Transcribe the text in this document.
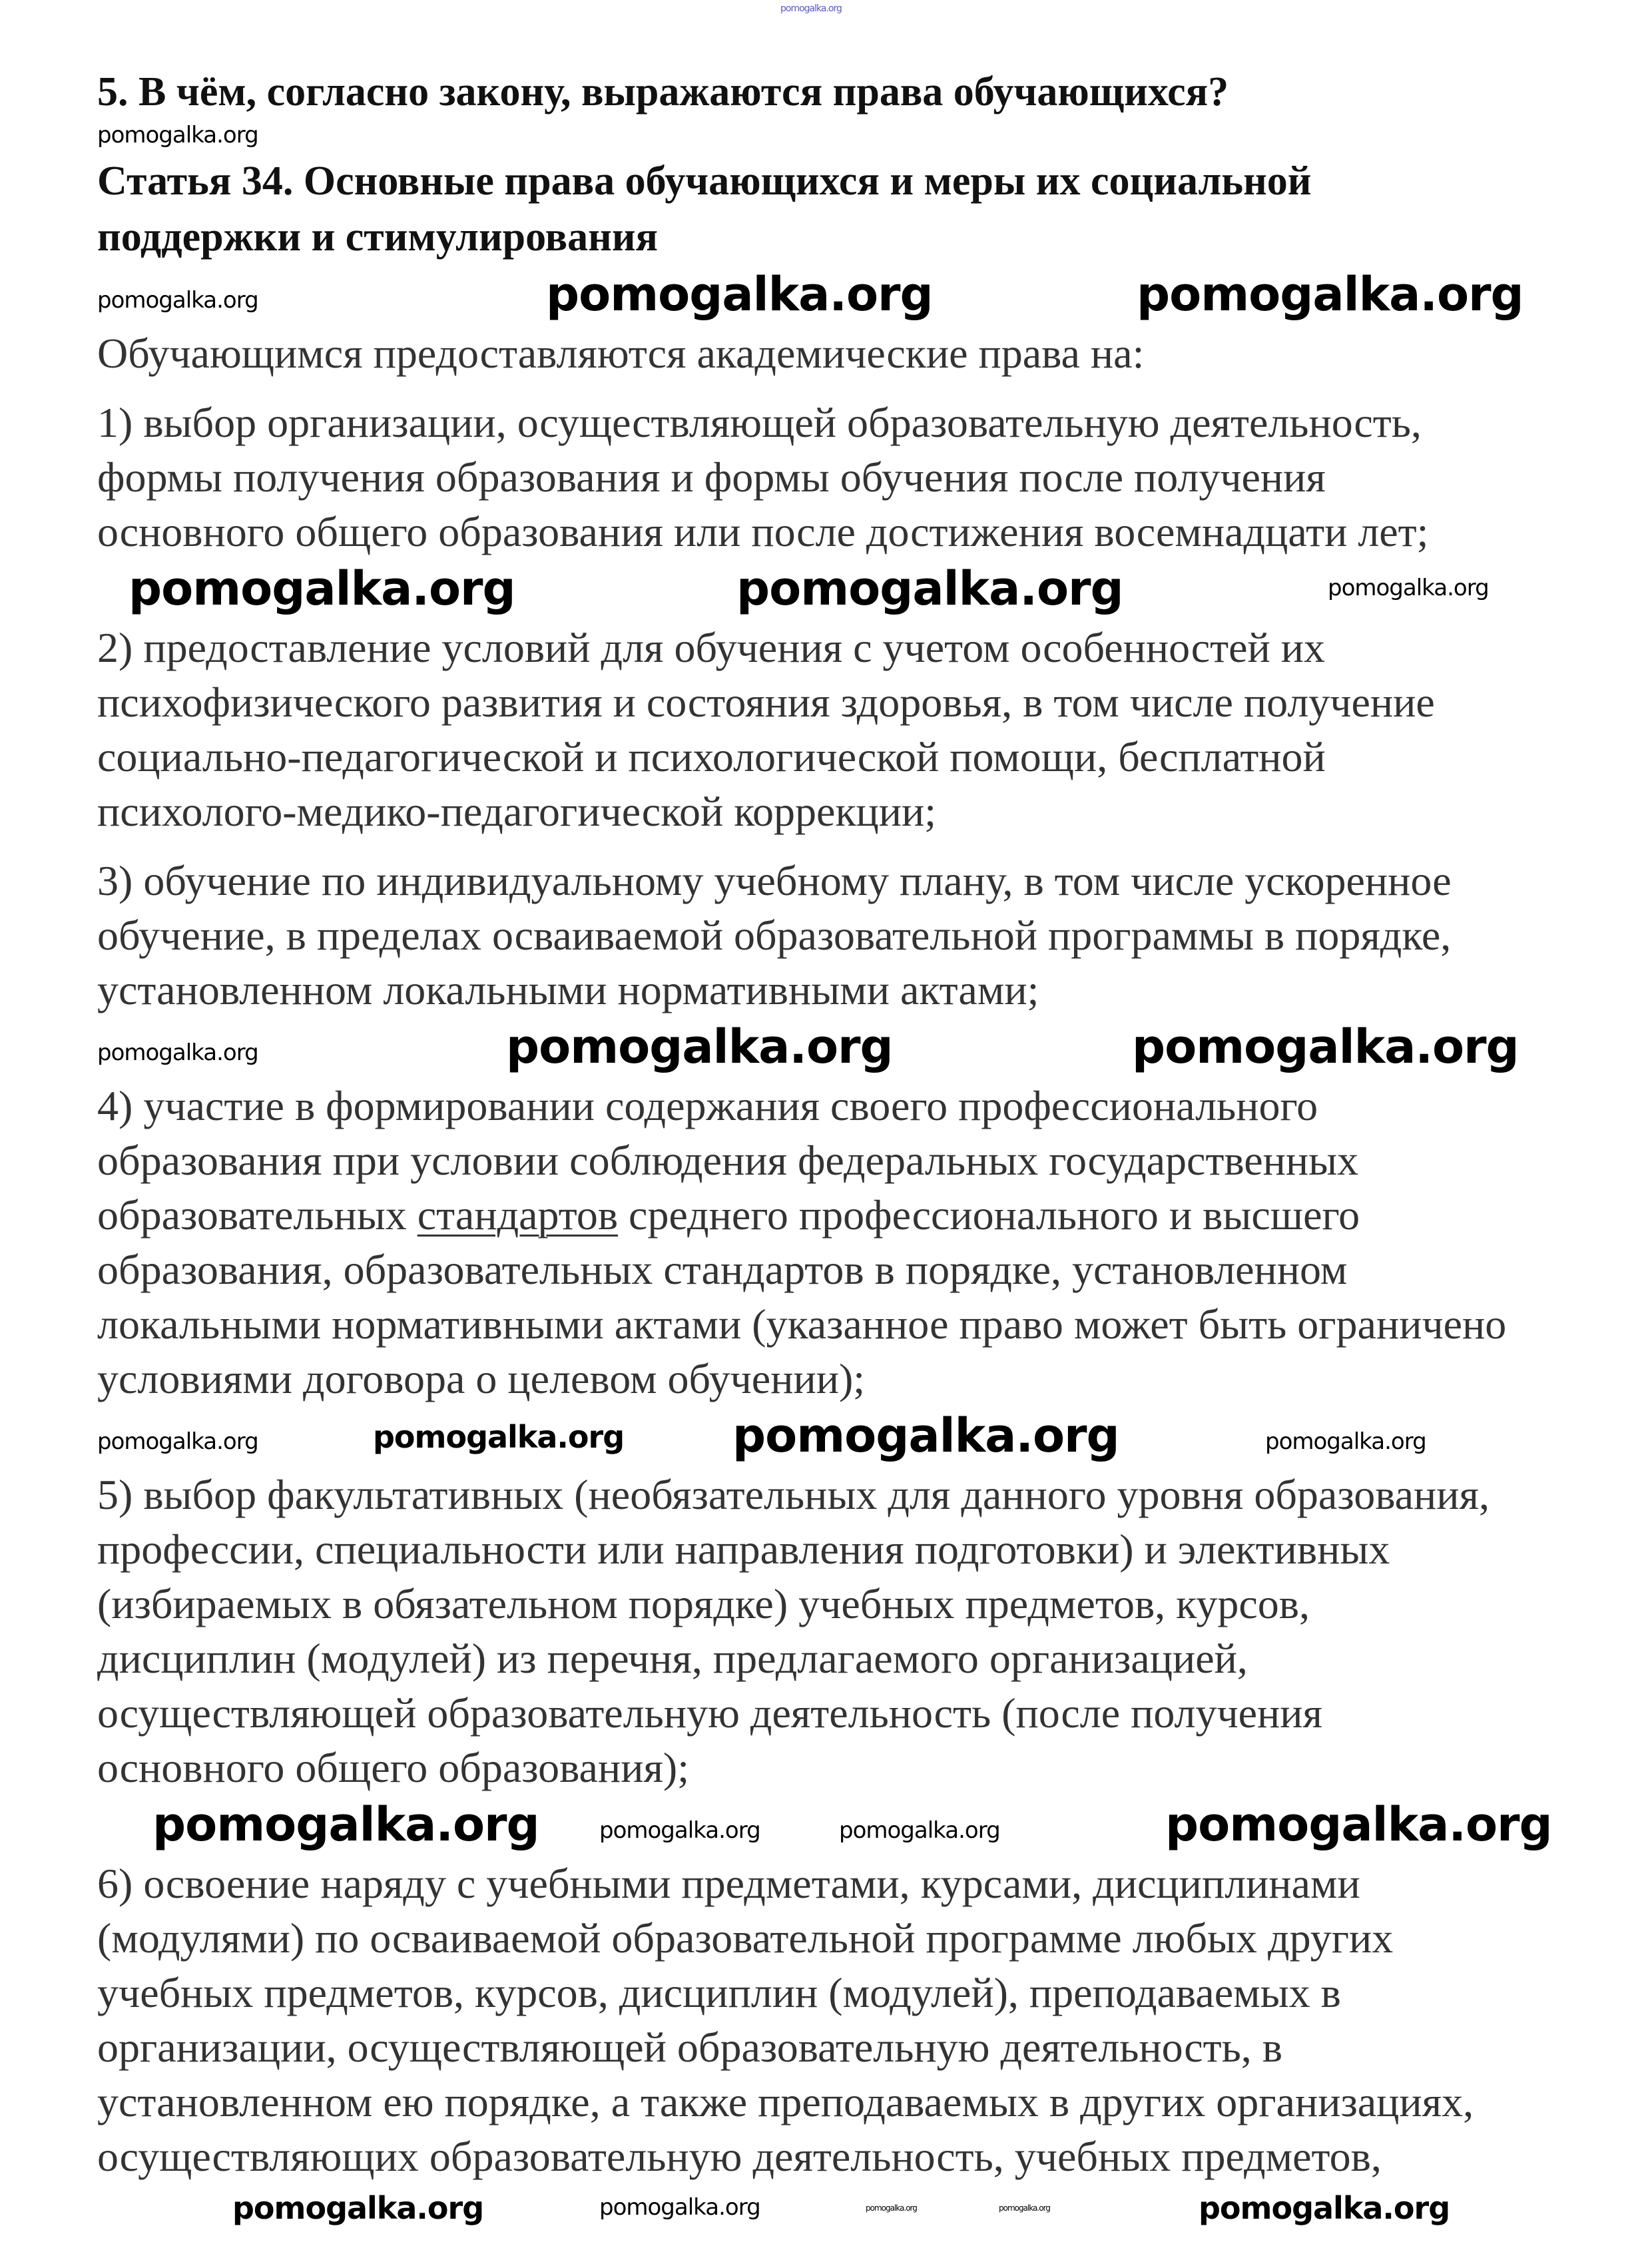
pomogalka.org
5. В чём, согласно закону, выражаются права обучающихся?
pomogalka.org
Статья 34. Основные права обучающихся и меры их социальной
поддержки и стимулирования
pomogalka.org	pomogalka.org	pomogalka.org
Обучающимся предоставляются академические права на:
1) выбор организации, осуществляющей образовательную деятельность,
формы получения образования и формы обучения после получения
основного общего образования или после достижения восемнадцати лет;
pomogalka.org	pomogalka.org	pomogalka.org
2) предоставление условий для обучения с учетом особенностей их
психофизического развития и состояния здоровья, в том числе получение
социально-педагогической и психологической помощи, бесплатной
психолого-медико-педагогической коррекции;
3) обучение по индивидуальному учебному плану, в том числе ускоренное
обучение, в пределах осваиваемой образовательной программы в порядке,
установленном локальными нормативными актами;
pomogalka.org	pomogalka.org	pomogalka.org
4) участие в формировании содержания своего профессионального
образования при условии соблюдения федеральных государственных
образовательных стандартов среднего профессионального и высшего
образования, образовательных стандартов в порядке, установленном
локальными нормативными актами (указанное право может быть ограничено
условиями договора о целевом обучении);
pomogalka.org	pomogalka.org pomogalka.org	pomogalka.org
5) выбор факультативных (необязательных для данного уровня образования,
профессии, специальности или направления подготовки) и элективных
(избираемых в обязательном порядке) учебных предметов, курсов,
дисциплин (модулей) из перечня, предлагаемого организацией,
осуществляющей образовательную деятельность (после получения
основного общего образования);
pomogalka.org	pomogalka.org	pomogalka.org	pomogalka.org
6) освоение наряду с учебными предметами, курсами, дисциплинами
(модулями) по осваиваемой образовательной программе любых других
учебных предметов, курсов, дисциплин (модулей), преподаваемых в
организации, осуществляющей образовательную деятельность, в
установленном ею порядке, а также преподаваемых в других организациях,
осуществляющих образовательную деятельность, учебных предметов,
pomogalka.org	pomogalka.org	pomogalka.org	pomogalka.org	pomogalka.org
